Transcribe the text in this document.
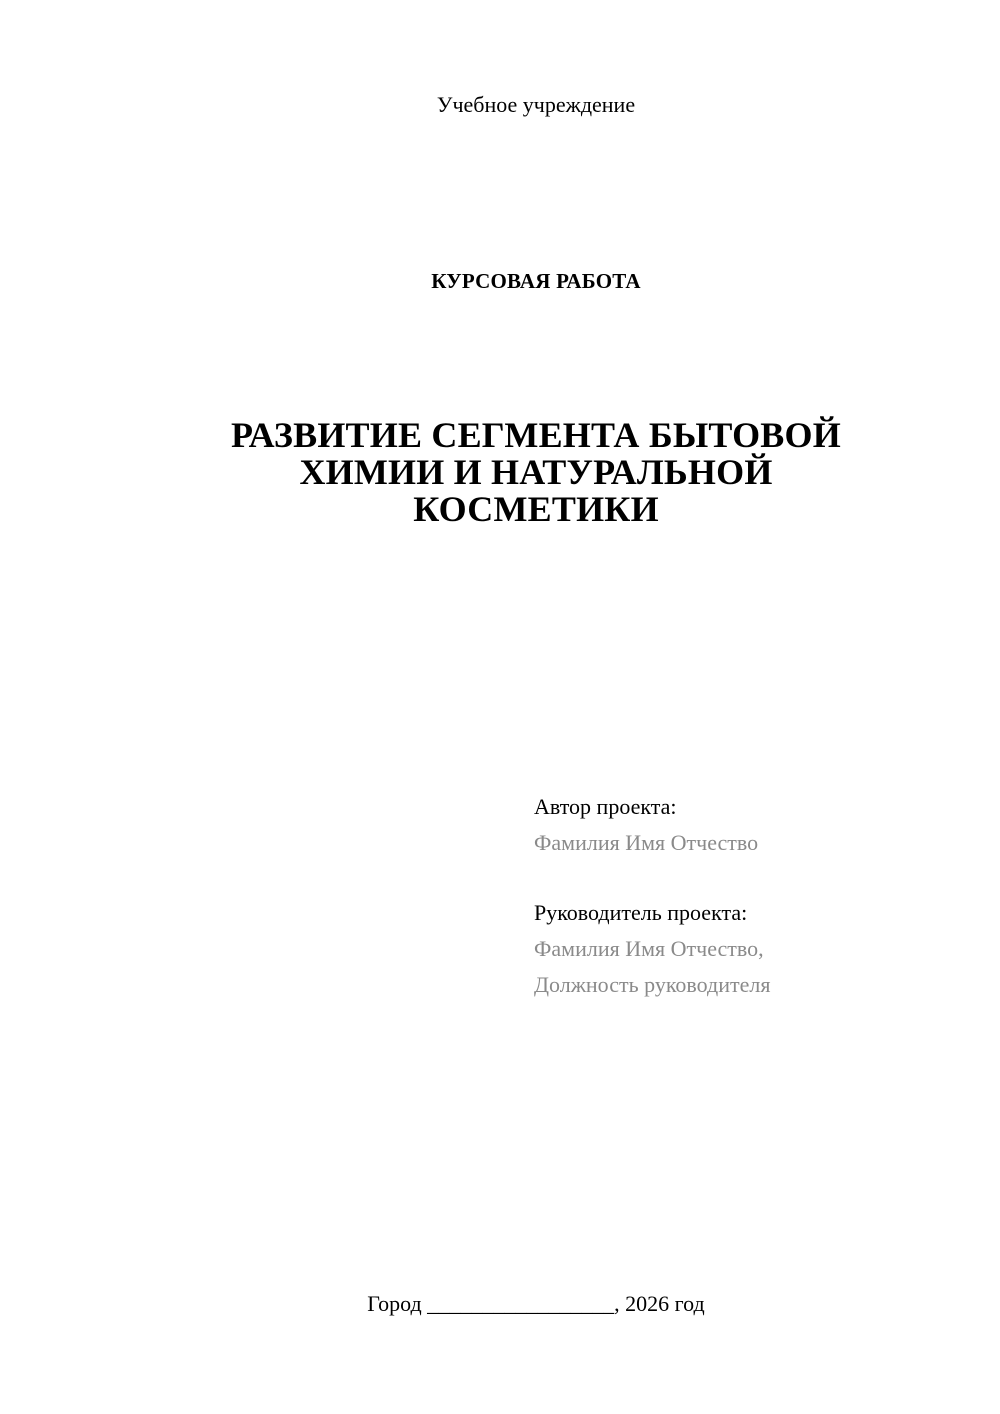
Учебное учреждение
КУРСОВАЯ РАБОТА
РАЗВИТИЕ СЕГМЕНТА БЫТОВОЙ
ХИМИИ И НАТУРАЛЬНОЙ
КОСМЕТИКИ
Автор проекта:
Фамилия Имя Отчество
Руководитель проекта:
Фамилия Имя Отчество,
Должность руководителя
Город _________________, 2026 год
